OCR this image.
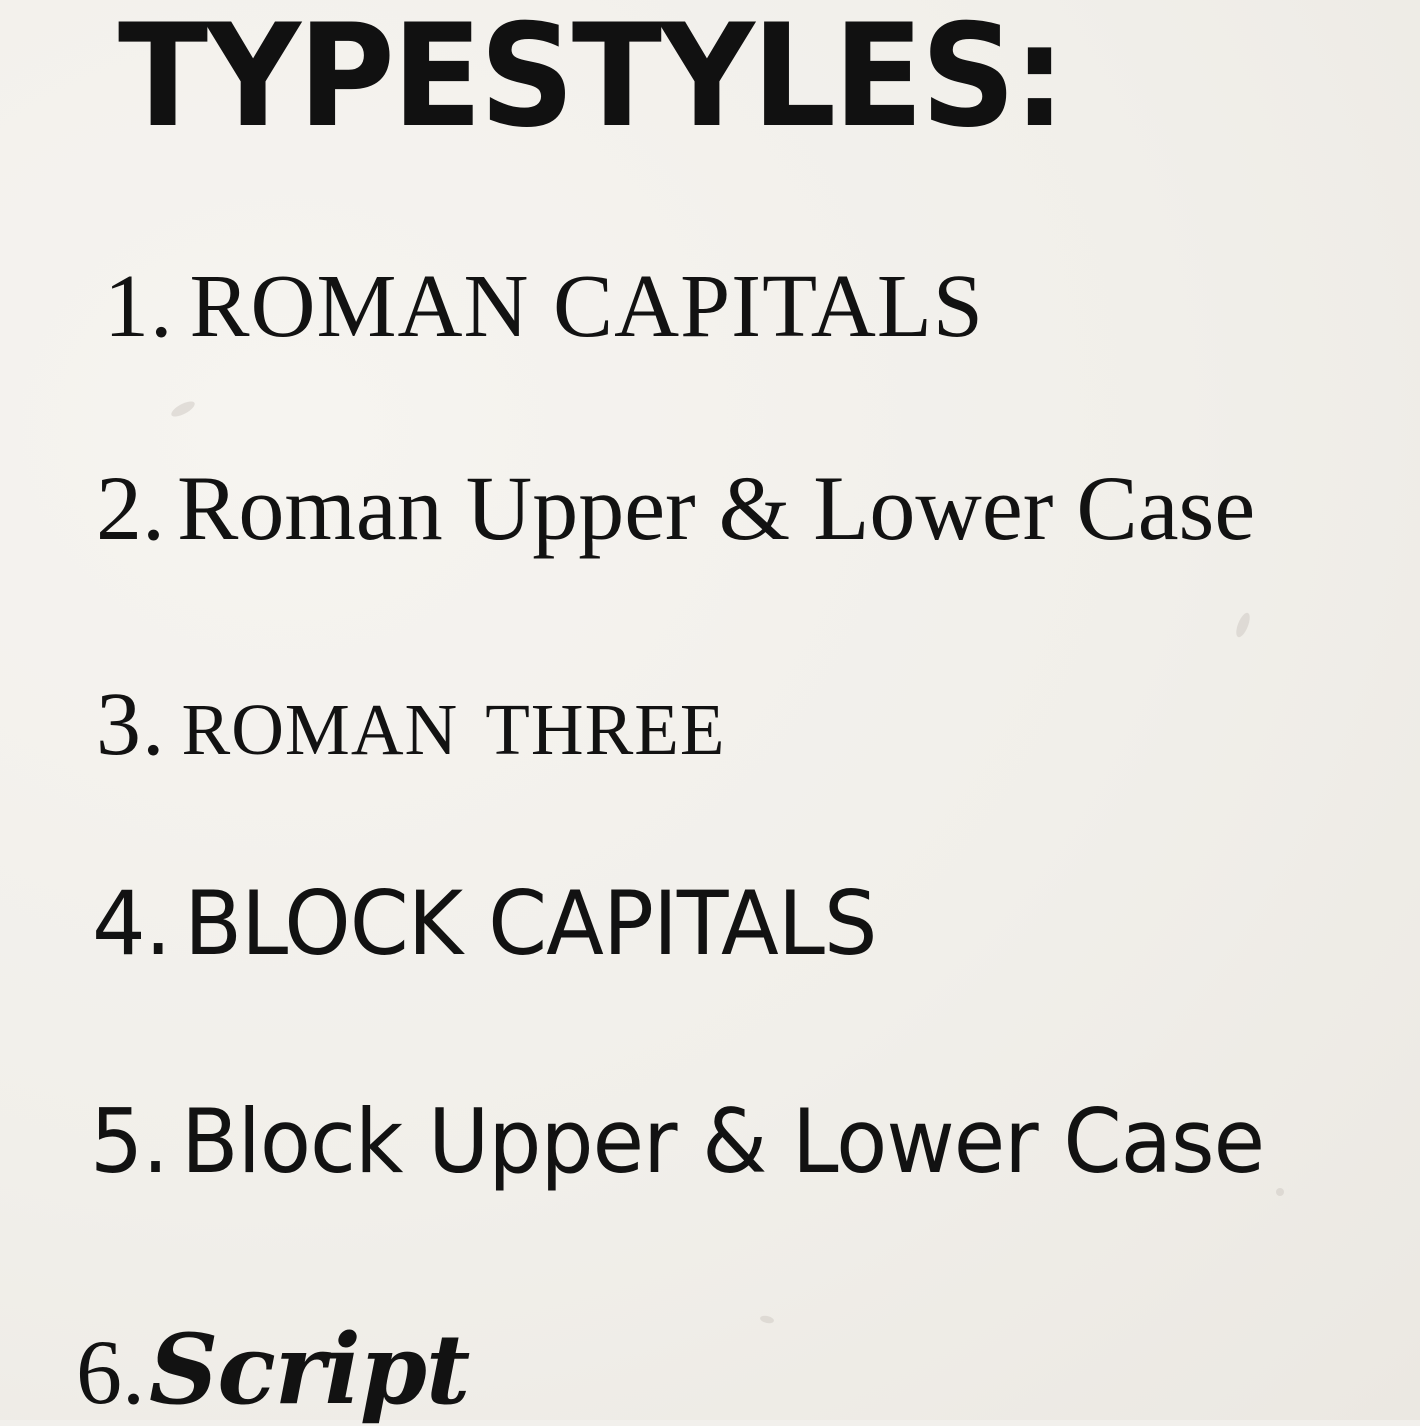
TYPESTYLES:
1. ROMAN CAPITALS
2. Roman Upper & Lower Case
3. roman three
4. BLOCK CAPITALS
5. Block Upper & Lower Case
6.Script
